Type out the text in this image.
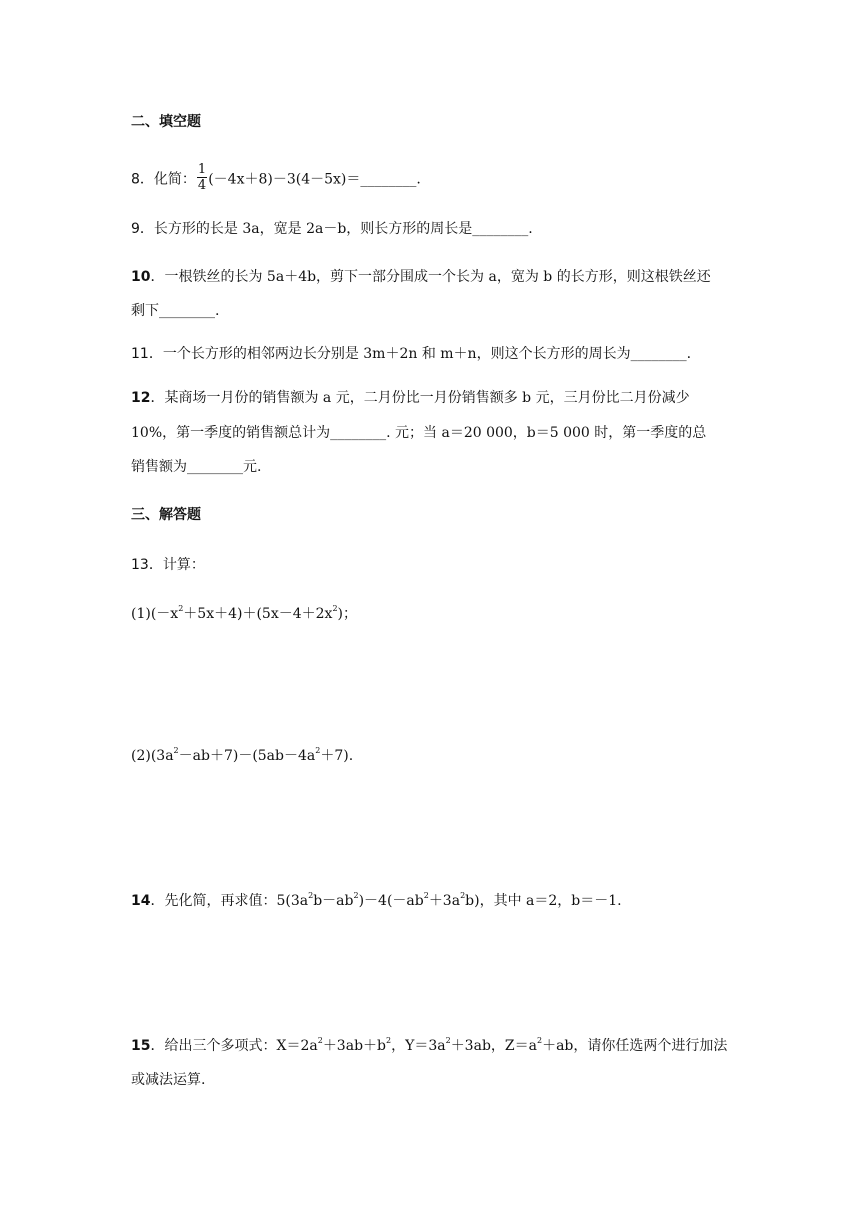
二、填空题
8．化简： $\frac{1}{4}$ (－4x＋8)－3(4－5x)＝________.
9．长方形的长是 3a，宽是 2a－b，则长方形的周长是________.
10．一根铁丝的长为 5a＋4b，剪下一部分围成一个长为 a，宽为 b 的长方形，则这根铁丝还
剩下________.
11．一个长方形的相邻两边长分别是 3m＋2n 和 m＋n，则这个长方形的周长为________.
12．某商场一月份的销售额为 a 元，二月份比一月份销售额多 b 元，三月份比二月份减少
10%，第一季度的销售额总计为________. 元；当 a＝20 000，b＝5 000 时，第一季度的总
销售额为________元.
三、解答题
13．计算：
$(1)(-x^2+5x+4)+(5x-4+2x^2)$；
$(2)(3a^2-ab+7)-(5ab-4a^2+7)$.
14．先化简，再求值：$5(3a^2b-ab^2)-4(-ab^2+3a^2b)$，其中 a＝2，b＝－1.
15．给出三个多项式：$X=2a^2+3ab+b^2$，$Y=3a^2+3ab$，$Z=a^2+ab$，请你任选两个进行加法
或减法运算.
